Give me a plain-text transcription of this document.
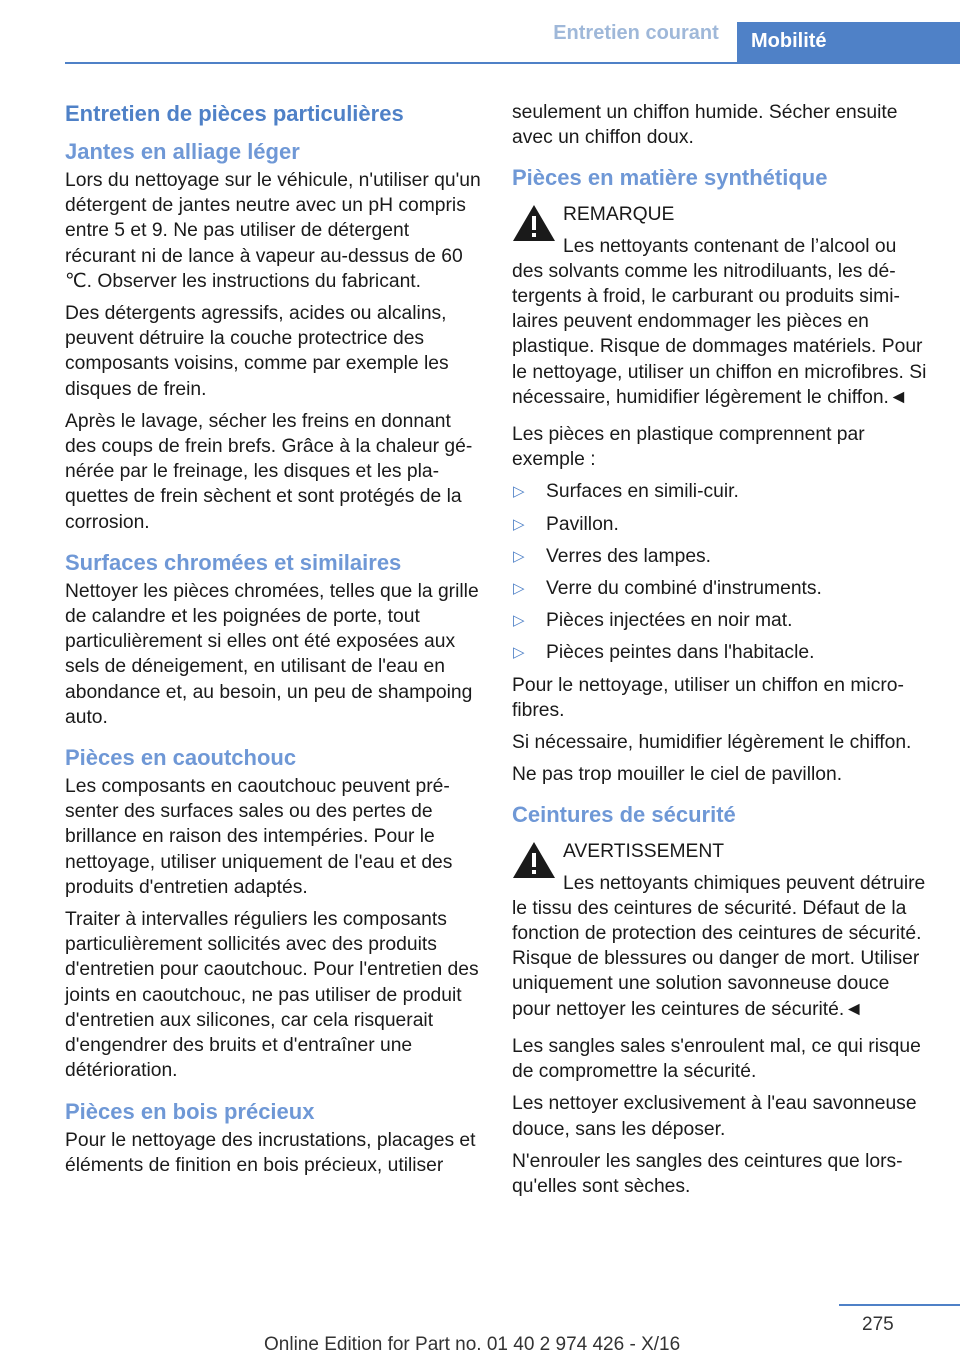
Entretien courant	Mobilité
Entretien de pièces particulières
Jantes en alliage léger

Lors du nettoyage sur le véhicule, n'utiliser qu'un détergent de jantes neutre avec un pH compris entre 5 et 9. Ne pas utiliser de détergent récurant ni de lance à vapeur au-dessus de 60 ℃. Observer les instructions du fabricant.

Des détergents agressifs, acides ou alcalins, peuvent détruire la couche protectrice des composants voisins, comme par exemple les disques de frein.

Après le lavage, sécher les freins en donnant des coups de frein brefs. Grâce à la chaleur générée par le freinage, les disques et les plaquettes de frein sèchent et sont protégés de la corrosion.

Surfaces chromées et similaires

Nettoyer les pièces chromées, telles que la grille de calandre et les poignées de porte, tout particulièrement si elles ont été exposées aux sels de déneigement, en utilisant de l'eau en abondance et, au besoin, un peu de shampoing auto.

Pièces en caoutchouc

Les composants en caoutchouc peuvent présenter des surfaces sales ou des pertes de brillance en raison des intempéries. Pour le nettoyage, utiliser uniquement de l'eau et des produits d'entretien adaptés.

Traiter à intervalles réguliers les composants particulièrement sollicités avec des produits d'entretien pour caoutchouc. Pour l'entretien des joints en caoutchouc, ne pas utiliser de produit d'entretien aux silicones, car cela risquerait d'engendrer des bruits et d'entraîner une détérioration.

Pièces en bois précieux

Pour le nettoyage des incrustations, placages et éléments de finition en bois précieux, utiliser

seulement un chiffon humide. Sécher ensuite avec un chiffon doux.

Pièces en matière synthétique
REMARQUE

Les nettoyants contenant de l’alcool ou des solvants comme les nitrodiluants, les détergents à froid, le carburant ou produits similaires peuvent endommager les pièces en plastique. Risque de dommages matériels. Pour le nettoyage, utiliser un chiffon en microfibres. Si nécessaire, humidifier légèrement le chiffon.◄

Les pièces en plastique comprennent par exemple :

▷ Surfaces en simili-cuir.
▷ Pavillon.
▷ Verres des lampes.
▷ Verre du combiné d'instruments.
▷ Pièces injectées en noir mat.
▷ Pièces peintes dans l'habitacle.

Pour le nettoyage, utiliser un chiffon en microfibres.

Si nécessaire, humidifier légèrement le chiffon.

Ne pas trop mouiller le ciel de pavillon.

Ceintures de sécurité
AVERTISSEMENT

Les nettoyants chimiques peuvent détruire le tissu des ceintures de sécurité. Défaut de la fonction de protection des ceintures de sécurité. Risque de blessures ou danger de mort. Utiliser uniquement une solution savonneuse douce pour nettoyer les ceintures de sécurité.◄

Les sangles sales s'enroulent mal, ce qui risque de compromettre la sécurité.

Les nettoyer exclusivement à l'eau savonneuse douce, sans les déposer.

N'enrouler les sangles des ceintures que lorsqu'elles sont sèches.

275
Online Edition for Part no. 01 40 2 974 426 - X/16
